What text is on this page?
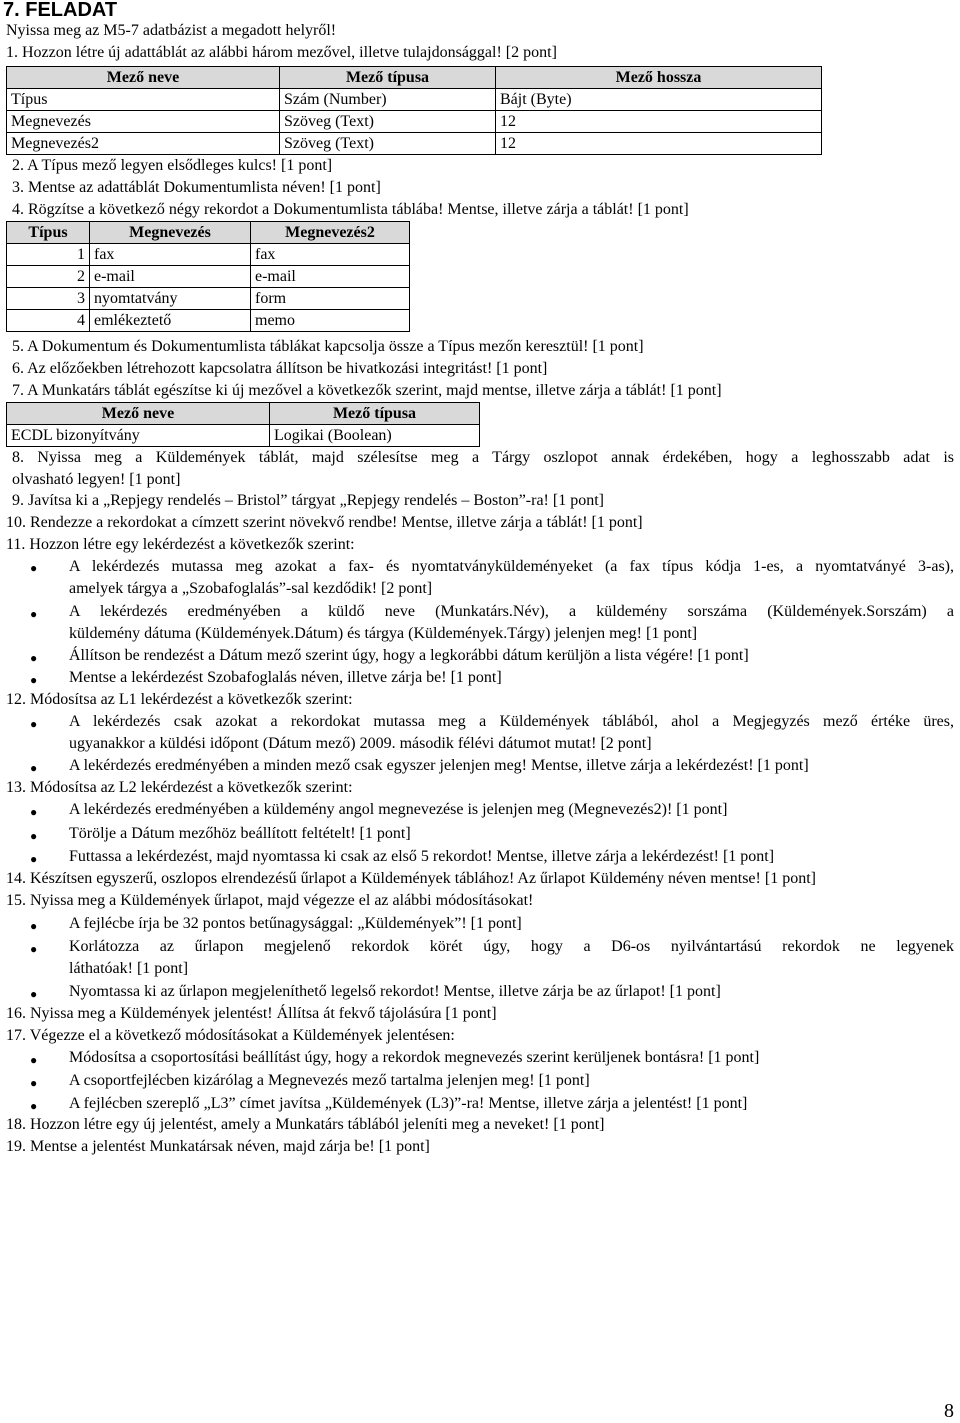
7. FELADAT
Nyissa meg az M5-7 adatbázist a megadott helyről!
1. Hozzon létre új adattáblát az alábbi három mezővel, illetve tulajdonsággal! [2 pont]
Mező neve	Mező típusa	Mező hossza
Típus	Szám (Number)	Bájt (Byte)
Megnevezés	Szöveg (Text)	12
Megnevezés2	Szöveg (Text)	12
2. A Típus mező legyen elsődleges kulcs! [1 pont]
3. Mentse az adattáblát Dokumentumlista néven! [1 pont]
4. Rögzítse a következő négy rekordot a Dokumentumlista táblába! Mentse, illetve zárja a táblát! [1 pont]
Típus	Megnevezés	Megnevezés2
1	fax	fax
2	e-mail	e-mail
3	nyomtatvány	form
4	emlékeztető	memo
5. A Dokumentum és Dokumentumlista táblákat kapcsolja össze a Típus mezőn keresztül! [1 pont]
6. Az előzőekben létrehozott kapcsolatra állítson be hivatkozási integritást! [1 pont]
7. A Munkatárs táblát egészítse ki új mezővel a következők szerint, majd mentse, illetve zárja a táblát! [1 pont]
Mező neve	Mező típusa
ECDL bizonyítvány	Logikai (Boolean)
8. Nyissa meg a Küldemények táblát, majd szélesítse meg a Tárgy oszlopot annak érdekében, hogy a leghosszabb adat is
olvasható legyen! [1 pont]
9. Javítsa ki a „Repjegy rendelés – Bristol” tárgyat „Repjegy rendelés – Boston”-ra! [1 pont]
10. Rendezze a rekordokat a címzett szerint növekvő rendbe! Mentse, illetve zárja a táblát! [1 pont]
11. Hozzon létre egy lekérdezést a következők szerint:
● A lekérdezés mutassa meg azokat a fax- és nyomtatványküldeményeket (a fax típus kódja 1-es, a nyomtatványé 3-as),
amelyek tárgya a „Szobafoglalás”-sal kezdődik! [2 pont]
● A lekérdezés eredményében a küldő neve (Munkatárs.Név), a küldemény sorszáma (Küldemények.Sorszám) a
küldemény dátuma (Küldemények.Dátum) és tárgya (Küldemények.Tárgy) jelenjen meg! [1 pont]
● Állítson be rendezést a Dátum mező szerint úgy, hogy a legkorábbi dátum kerüljön a lista végére! [1 pont]
● Mentse a lekérdezést Szobafoglalás néven, illetve zárja be! [1 pont]
12. Módosítsa az L1 lekérdezést a következők szerint:
● A lekérdezés csak azokat a rekordokat mutassa meg a Küldemények táblából, ahol a Megjegyzés mező értéke üres,
ugyanakkor a küldési időpont (Dátum mező) 2009. második félévi dátumot mutat! [2 pont]
● A lekérdezés eredményében a minden mező csak egyszer jelenjen meg! Mentse, illetve zárja a lekérdezést! [1 pont]
13. Módosítsa az L2 lekérdezést a következők szerint:
● A lekérdezés eredményében a küldemény angol megnevezése is jelenjen meg (Megnevezés2)! [1 pont]
● Törölje a Dátum mezőhöz beállított feltételt! [1 pont]
● Futtassa a lekérdezést, majd nyomtassa ki csak az első 5 rekordot! Mentse, illetve zárja a lekérdezést! [1 pont]
14. Készítsen egyszerű, oszlopos elrendezésű űrlapot a Küldemények táblához! Az űrlapot Küldemény néven mentse! [1 pont]
15. Nyissa meg a Küldemények űrlapot, majd végezze el az alábbi módosításokat!
● A fejlécbe írja be 32 pontos betűnagysággal: „Küldemények”! [1 pont]
● Korlátozza az űrlapon megjelenő rekordok körét úgy, hogy a D6-os nyilvántartású rekordok ne legyenek
láthatóak! [1 pont]
● Nyomtassa ki az űrlapon megjeleníthető legelső rekordot! Mentse, illetve zárja be az űrlapot! [1 pont]
16. Nyissa meg a Küldemények jelentést! Állítsa át fekvő tájolásúra [1 pont]
17. Végezze el a következő módosításokat a Küldemények jelentésen:
● Módosítsa a csoportosítási beállítást úgy, hogy a rekordok megnevezés szerint kerüljenek bontásra! [1 pont]
● A csoportfejlécben kizárólag a Megnevezés mező tartalma jelenjen meg! [1 pont]
● A fejlécben szereplő „L3” címet javítsa „Küldemények (L3)”-ra! Mentse, illetve zárja a jelentést! [1 pont]
18. Hozzon létre egy új jelentést, amely a Munkatárs táblából jeleníti meg a neveket! [1 pont]
19. Mentse a jelentést Munkatársak néven, majd zárja be! [1 pont]
8
